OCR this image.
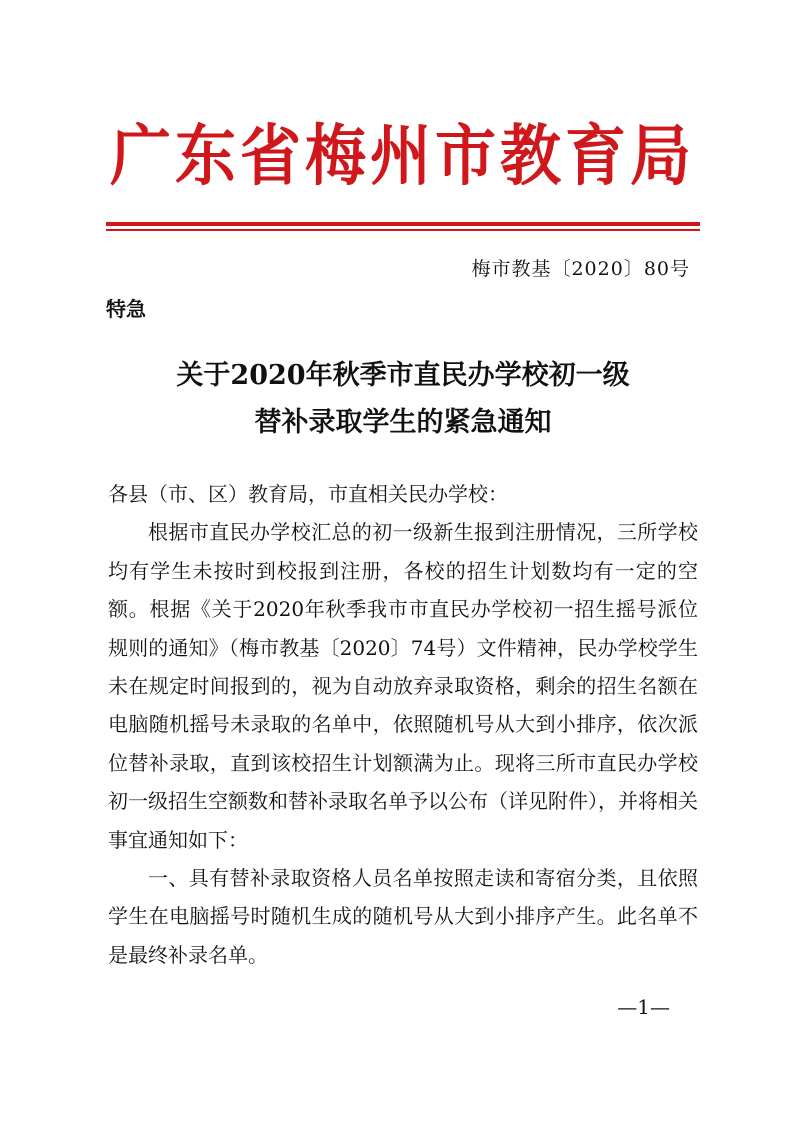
广东省梅州市教育局
梅市教基〔2020〕80号
特急
关于2020年秋季市直民办学校初一级
替补录取学生的紧急通知

各县（市、区）教育局，市直相关民办学校：

根据市直民办学校汇总的初一级新生报到注册情况，三所学校均有学生未按时到校报到注册，各校的招生计划数均有一定的空额。根据《关于2020年秋季我市市直民办学校初一招生摇号派位规则的通知》（梅市教基〔2020〕74号）文件精神，民办学校学生未在规定时间报到的，视为自动放弃录取资格，剩余的招生名额在电脑随机摇号未录取的名单中，依照随机号从大到小排序，依次派位替补录取，直到该校招生计划额满为止。现将三所市直民办学校初一级招生空额数和替补录取名单予以公布（详见附件），并将相关事宜通知如下：

一、具有替补录取资格人员名单按照走读和寄宿分类，且依照学生在电脑摇号时随机生成的随机号从大到小排序产生。此名单不是最终补录名单。

—1—
